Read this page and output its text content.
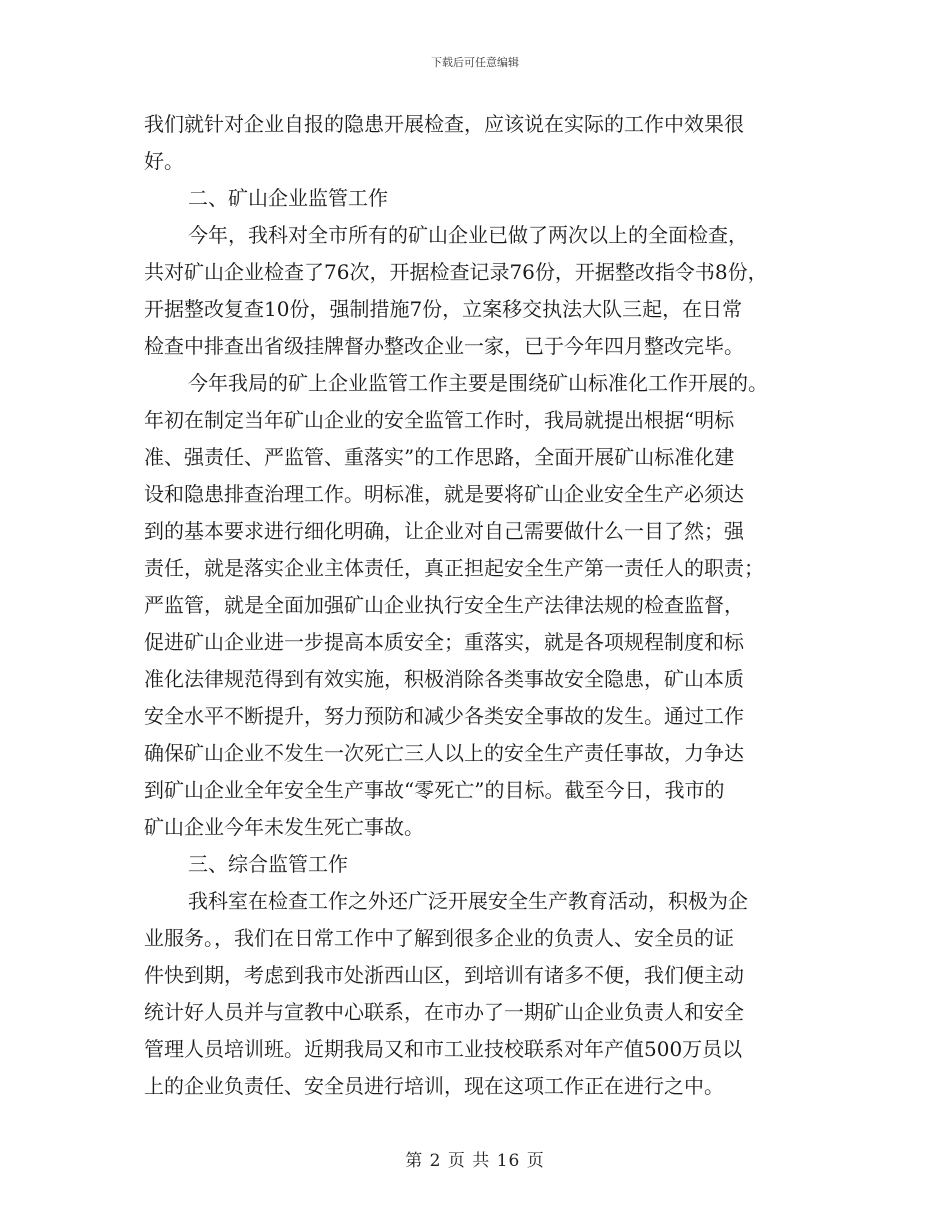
下载后可任意编辑
我们就针对企业自报的隐患开展检查，应该说在实际的工作中效果很
好。
二、矿山企业监管工作
今年，我科对全市所有的矿山企业已做了两次以上的全面检查，
共对矿山企业检查了76次，开据检查记录76份，开据整改指令书8份，
开据整改复查10份，强制措施7份，立案移交执法大队三起，在日常
检查中排查出省级挂牌督办整改企业一家，已于今年四月整改完毕。
今年我局的矿上企业监管工作主要是围绕矿山标准化工作开展的。
年初在制定当年矿山企业的安全监管工作时，我局就提出根据“明标
准、强责任、严监管、重落实”的工作思路，全面开展矿山标准化建
设和隐患排查治理工作。明标准，就是要将矿山企业安全生产必须达
到的基本要求进行细化明确，让企业对自己需要做什么一目了然；强
责任，就是落实企业主体责任，真正担起安全生产第一责任人的职责；
严监管，就是全面加强矿山企业执行安全生产法律法规的检查监督，
促进矿山企业进一步提高本质安全；重落实，就是各项规程制度和标
准化法律规范得到有效实施，积极消除各类事故安全隐患，矿山本质
安全水平不断提升，努力预防和减少各类安全事故的发生。通过工作
确保矿山企业不发生一次死亡三人以上的安全生产责任事故，力争达
到矿山企业全年安全生产事故“零死亡”的目标。截至今日，我市的
矿山企业今年未发生死亡事故。
三、综合监管工作
我科室在检查工作之外还广泛开展安全生产教育活动，积极为企
业服务。，我们在日常工作中了解到很多企业的负责人、安全员的证
件快到期，考虑到我市处浙西山区，到培训有诸多不便，我们便主动
统计好人员并与宣教中心联系，在市办了一期矿山企业负责人和安全
管理人员培训班。近期我局又和市工业技校联系对年产值500万员以
上的企业负责任、安全员进行培训，现在这项工作正在进行之中。
第 2 页 共 16 页
